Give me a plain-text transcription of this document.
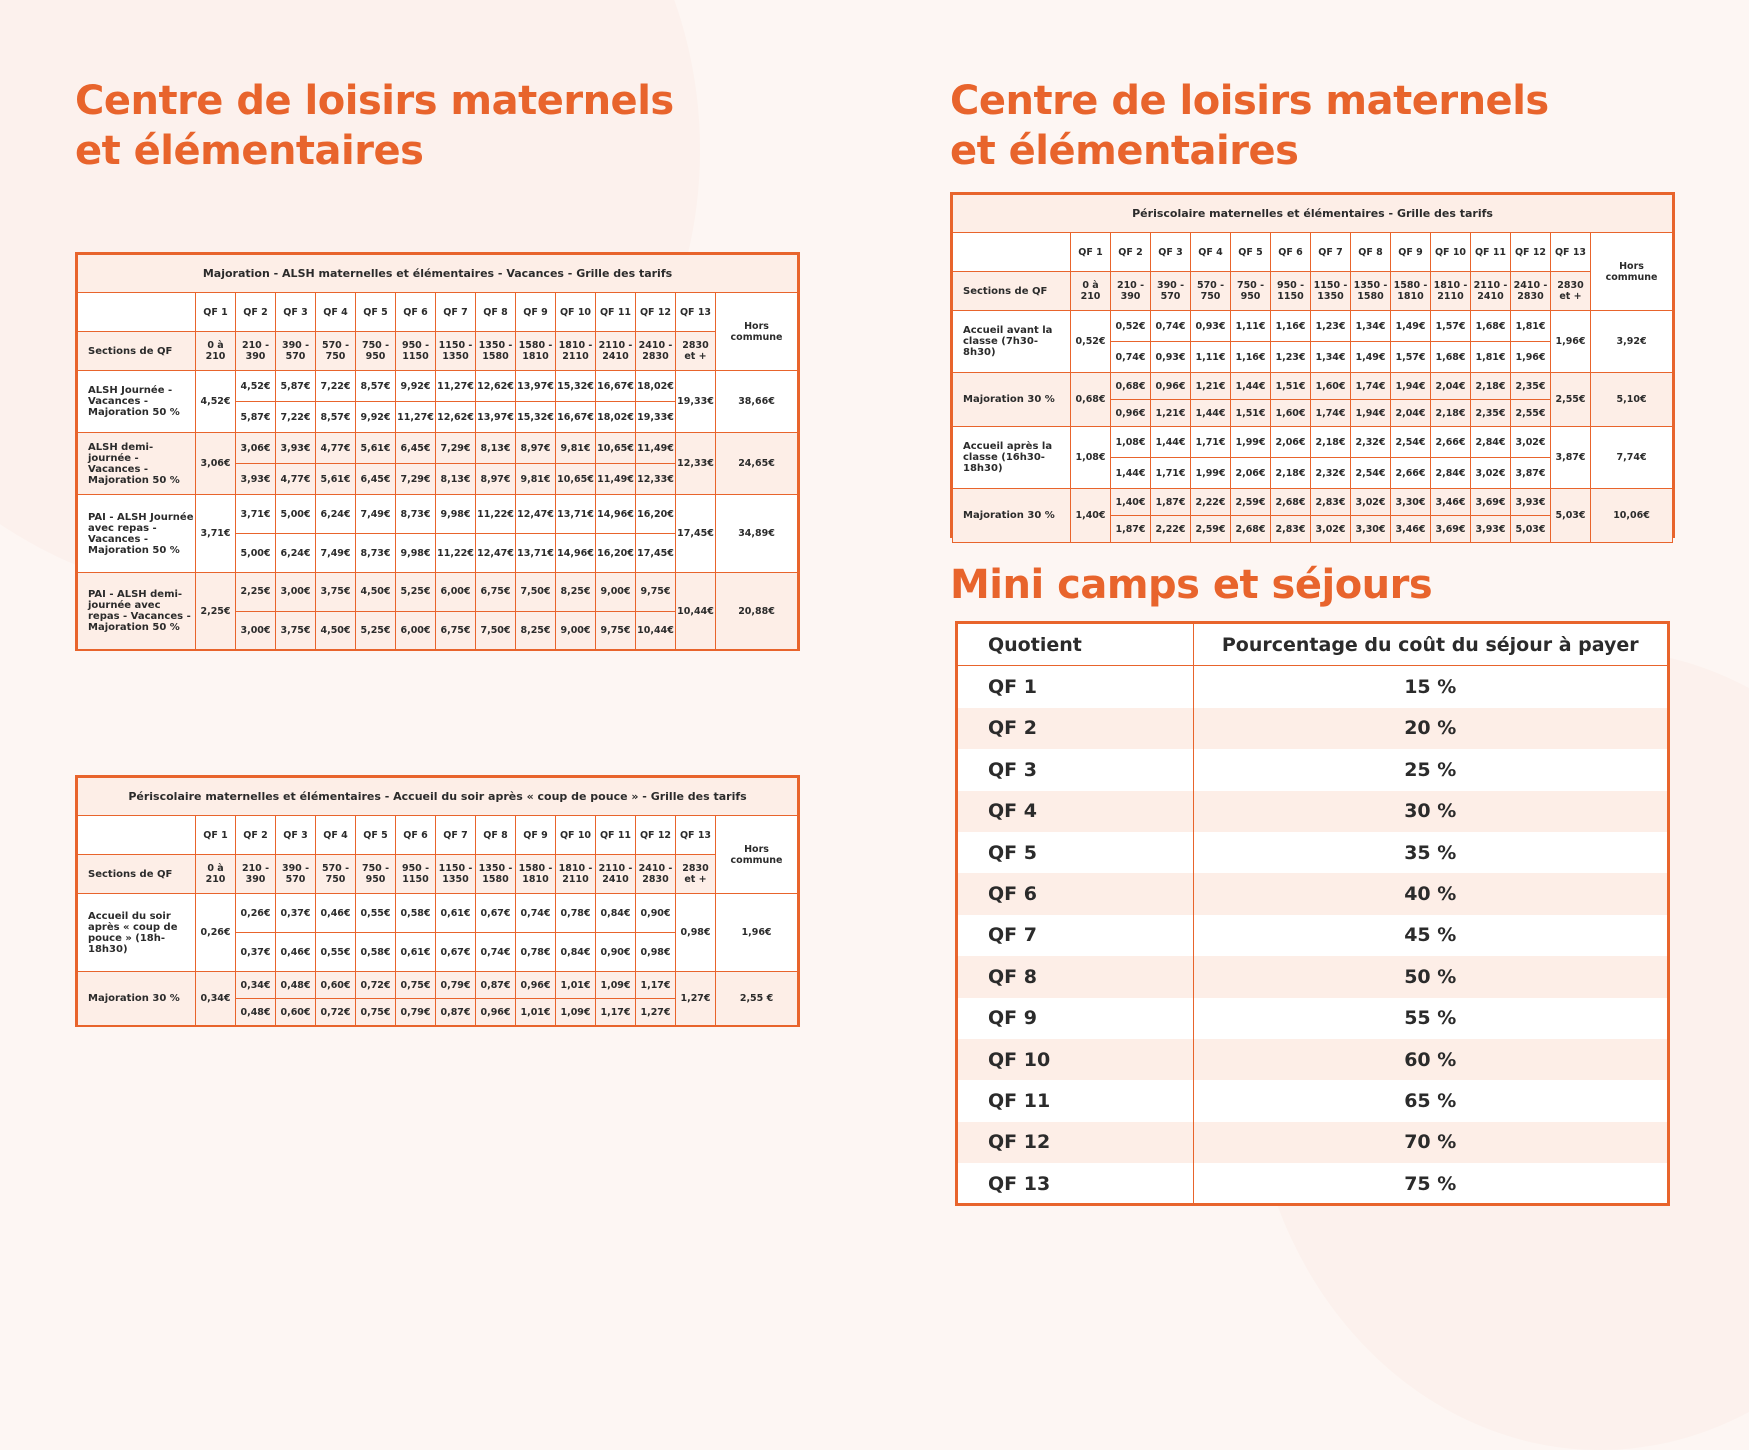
Centre de loisirs maternels
et élémentaires
Majoration - ALSH maternelles et élémentaires - Vacances - Grille des tarifs														
	QF 1	QF 2	QF 3	QF 4	QF 5	QF 6	QF 7	QF 8	QF 9	QF 10	QF 11	QF 12	QF 13	Hors commune
Sections de QF	0 à 210	210 - 390	390 - 570	570 - 750	750 - 950	950 - 1150	1150 - 1350	1350 - 1580	1580 - 1810	1810 - 2110	2110 - 2410	2410 - 2830	2830 et +	
ALSH Journée - Vacances - Majoration 50 %	4,52€	4,52€	5,87€	7,22€	8,57€	9,92€	11,27€	12,62€	13,97€	15,32€	16,67€	18,02€	19,33€	38,66€
		5,87€	7,22€	8,57€	9,92€	11,27€	12,62€	13,97€	15,32€	16,67€	18,02€	19,33€		
ALSH demi-journée - Vacances - Majoration 50 %	3,06€	3,06€	3,93€	4,77€	5,61€	6,45€	7,29€	8,13€	8,97€	9,81€	10,65€	11,49€	12,33€	24,65€
		3,93€	4,77€	5,61€	6,45€	7,29€	8,13€	8,97€	9,81€	10,65€	11,49€	12,33€		
PAI - ALSH Journée avec repas - Vacances - Majoration 50 %	3,71€	3,71€	5,00€	6,24€	7,49€	8,73€	9,98€	11,22€	12,47€	13,71€	14,96€	16,20€	17,45€	34,89€
		5,00€	6,24€	7,49€	8,73€	9,98€	11,22€	12,47€	13,71€	14,96€	16,20€	17,45€		
PAI - ALSH demi-journée avec repas - Vacances - Majoration 50 %	2,25€	2,25€	3,00€	3,75€	4,50€	5,25€	6,00€	6,75€	7,50€	8,25€	9,00€	9,75€	10,44€	20,88€
		3,00€	3,75€	4,50€	5,25€	6,00€	6,75€	7,50€	8,25€	9,00€	9,75€	10,44€		
Périscolaire maternelles et élémentaires - Accueil du soir après « coup de pouce » - Grille des tarifs														
	QF 1	QF 2	QF 3	QF 4	QF 5	QF 6	QF 7	QF 8	QF 9	QF 10	QF 11	QF 12	QF 13	Hors commune
Sections de QF	0 à 210	210 - 390	390 - 570	570 - 750	750 - 950	950 - 1150	1150 - 1350	1350 - 1580	1580 - 1810	1810 - 2110	2110 - 2410	2410 - 2830	2830 et +	
Accueil du soir après « coup de pouce » (18h-18h30)	0,26€	0,26€	0,37€	0,46€	0,55€	0,58€	0,61€	0,67€	0,74€	0,78€	0,84€	0,90€	0,98€	1,96€
		0,37€	0,46€	0,55€	0,58€	0,61€	0,67€	0,74€	0,78€	0,84€	0,90€	0,98€		
Majoration 30 %	0,34€	0,34€	0,48€	0,60€	0,72€	0,75€	0,79€	0,87€	0,96€	1,01€	1,09€	1,17€	1,27€	2,55 €
		0,48€	0,60€	0,72€	0,75€	0,79€	0,87€	0,96€	1,01€	1,09€	1,17€	1,27€		
Centre de loisirs maternels
et élémentaires
Périscolaire maternelles et élémentaires - Grille des tarifs														
	QF 1	QF 2	QF 3	QF 4	QF 5	QF 6	QF 7	QF 8	QF 9	QF 10	QF 11	QF 12	QF 13	Hors commune
Sections de QF	0 à 210	210 - 390	390 - 570	570 - 750	750 - 950	950 - 1150	1150 - 1350	1350 - 1580	1580 - 1810	1810 - 2110	2110 - 2410	2410 - 2830	2830 et +	
Accueil avant la classe (7h30-8h30)	0,52€	0,52€	0,74€	0,93€	1,11€	1,16€	1,23€	1,34€	1,49€	1,57€	1,68€	1,81€	1,96€	3,92€
		0,74€	0,93€	1,11€	1,16€	1,23€	1,34€	1,49€	1,57€	1,68€	1,81€	1,96€		
Majoration 30 %	0,68€	0,68€	0,96€	1,21€	1,44€	1,51€	1,60€	1,74€	1,94€	2,04€	2,18€	2,35€	2,55€	5,10€
		0,96€	1,21€	1,44€	1,51€	1,60€	1,74€	1,94€	2,04€	2,18€	2,35€	2,55€		
Accueil après la classe (16h30-18h30)	1,08€	1,08€	1,44€	1,71€	1,99€	2,06€	2,18€	2,32€	2,54€	2,66€	2,84€	3,02€	3,87€	7,74€
		1,44€	1,71€	1,99€	2,06€	2,18€	2,32€	2,54€	2,66€	2,84€	3,02€	3,87€		
Majoration 30 %	1,40€	1,40€	1,87€	2,22€	2,59€	2,68€	2,83€	3,02€	3,30€	3,46€	3,69€	3,93€	5,03€	10,06€
		1,87€	2,22€	2,59€	2,68€	2,83€	3,02€	3,30€	3,46€	3,69€	3,93€	5,03€		
Mini camps et séjours
Quotient	Pourcentage du coût du séjour à payer
QF 1	15 %
QF 2	20 %
QF 3	25 %
QF 4	30 %
QF 5	35 %
QF 6	40 %
QF 7	45 %
QF 8	50 %
QF 9	55 %
QF 10	60 %
QF 11	65 %
QF 12	70 %
QF 13	75 %
